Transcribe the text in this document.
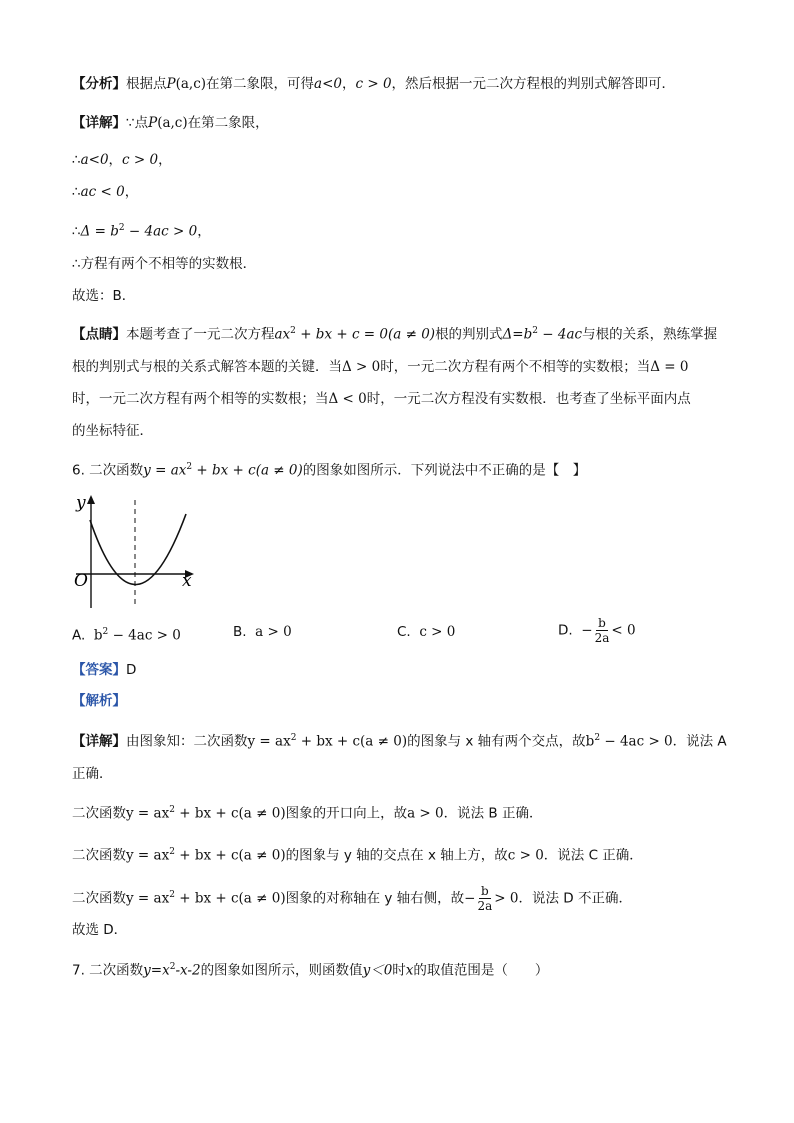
【分析】根据点P(a,c)在第二象限，可得a<0，c > 0，然后根据一元二次方程根的判别式解答即可．
【详解】∵点P(a,c)在第二象限，
∴a<0，c > 0，
∴ac < 0，
∴Δ = $b^2 - 4ac > 0$，
∴方程有两个不相等的实数根．
故选：B．
【点睛】本题考查了一元二次方程$ax^2$ + bx + c = 0(a ≠ 0)根的判别式$\Delta=b^2 - 4ac$与根的关系，熟练掌握
根的判别式与根的关系式解答本题的关键．当Δ > 0时，一元二次方程有两个不相等的实数根；当Δ = 0
时，一元二次方程有两个相等的实数根；当Δ < 0时，一元二次方程没有实数根．也考查了坐标平面内点
的坐标特征．
6. 二次函数$y = ax^2$ + bx + c(a ≠ 0)的图象如图所示．下列说法中不正确的是【　】
y
x
O
A. $b^2 - 4ac > 0$	B. a > 0	C. c > 0	D. − $\frac{b}{2a} < 0$
【答案】D
【解析】
【详解】由图象知：二次函数$y = ax^2$ + bx + c(a ≠ 0)的图象与 x 轴有两个交点，故$b^2 - 4ac > 0$．说法 A
正确．
二次函数$y = ax^2$ + bx + c(a ≠ 0)图象的开口向上，故a > 0．说法 B 正确．
二次函数$y = ax^2$ + bx + c(a ≠ 0)的图象与 y 轴的交点在 x 轴上方，故c > 0．说法 C 正确．
二次函数$y = ax^2$ + bx + c(a ≠ 0)图象的对称轴在 y 轴右侧，故− $\frac{b}{2a} > 0$．说法 D 不正确．
故选 D．
7. 二次函数$y=x^2-x-2$的图象如图所示，则函数值y＜0时x的取值范围是（　　）
